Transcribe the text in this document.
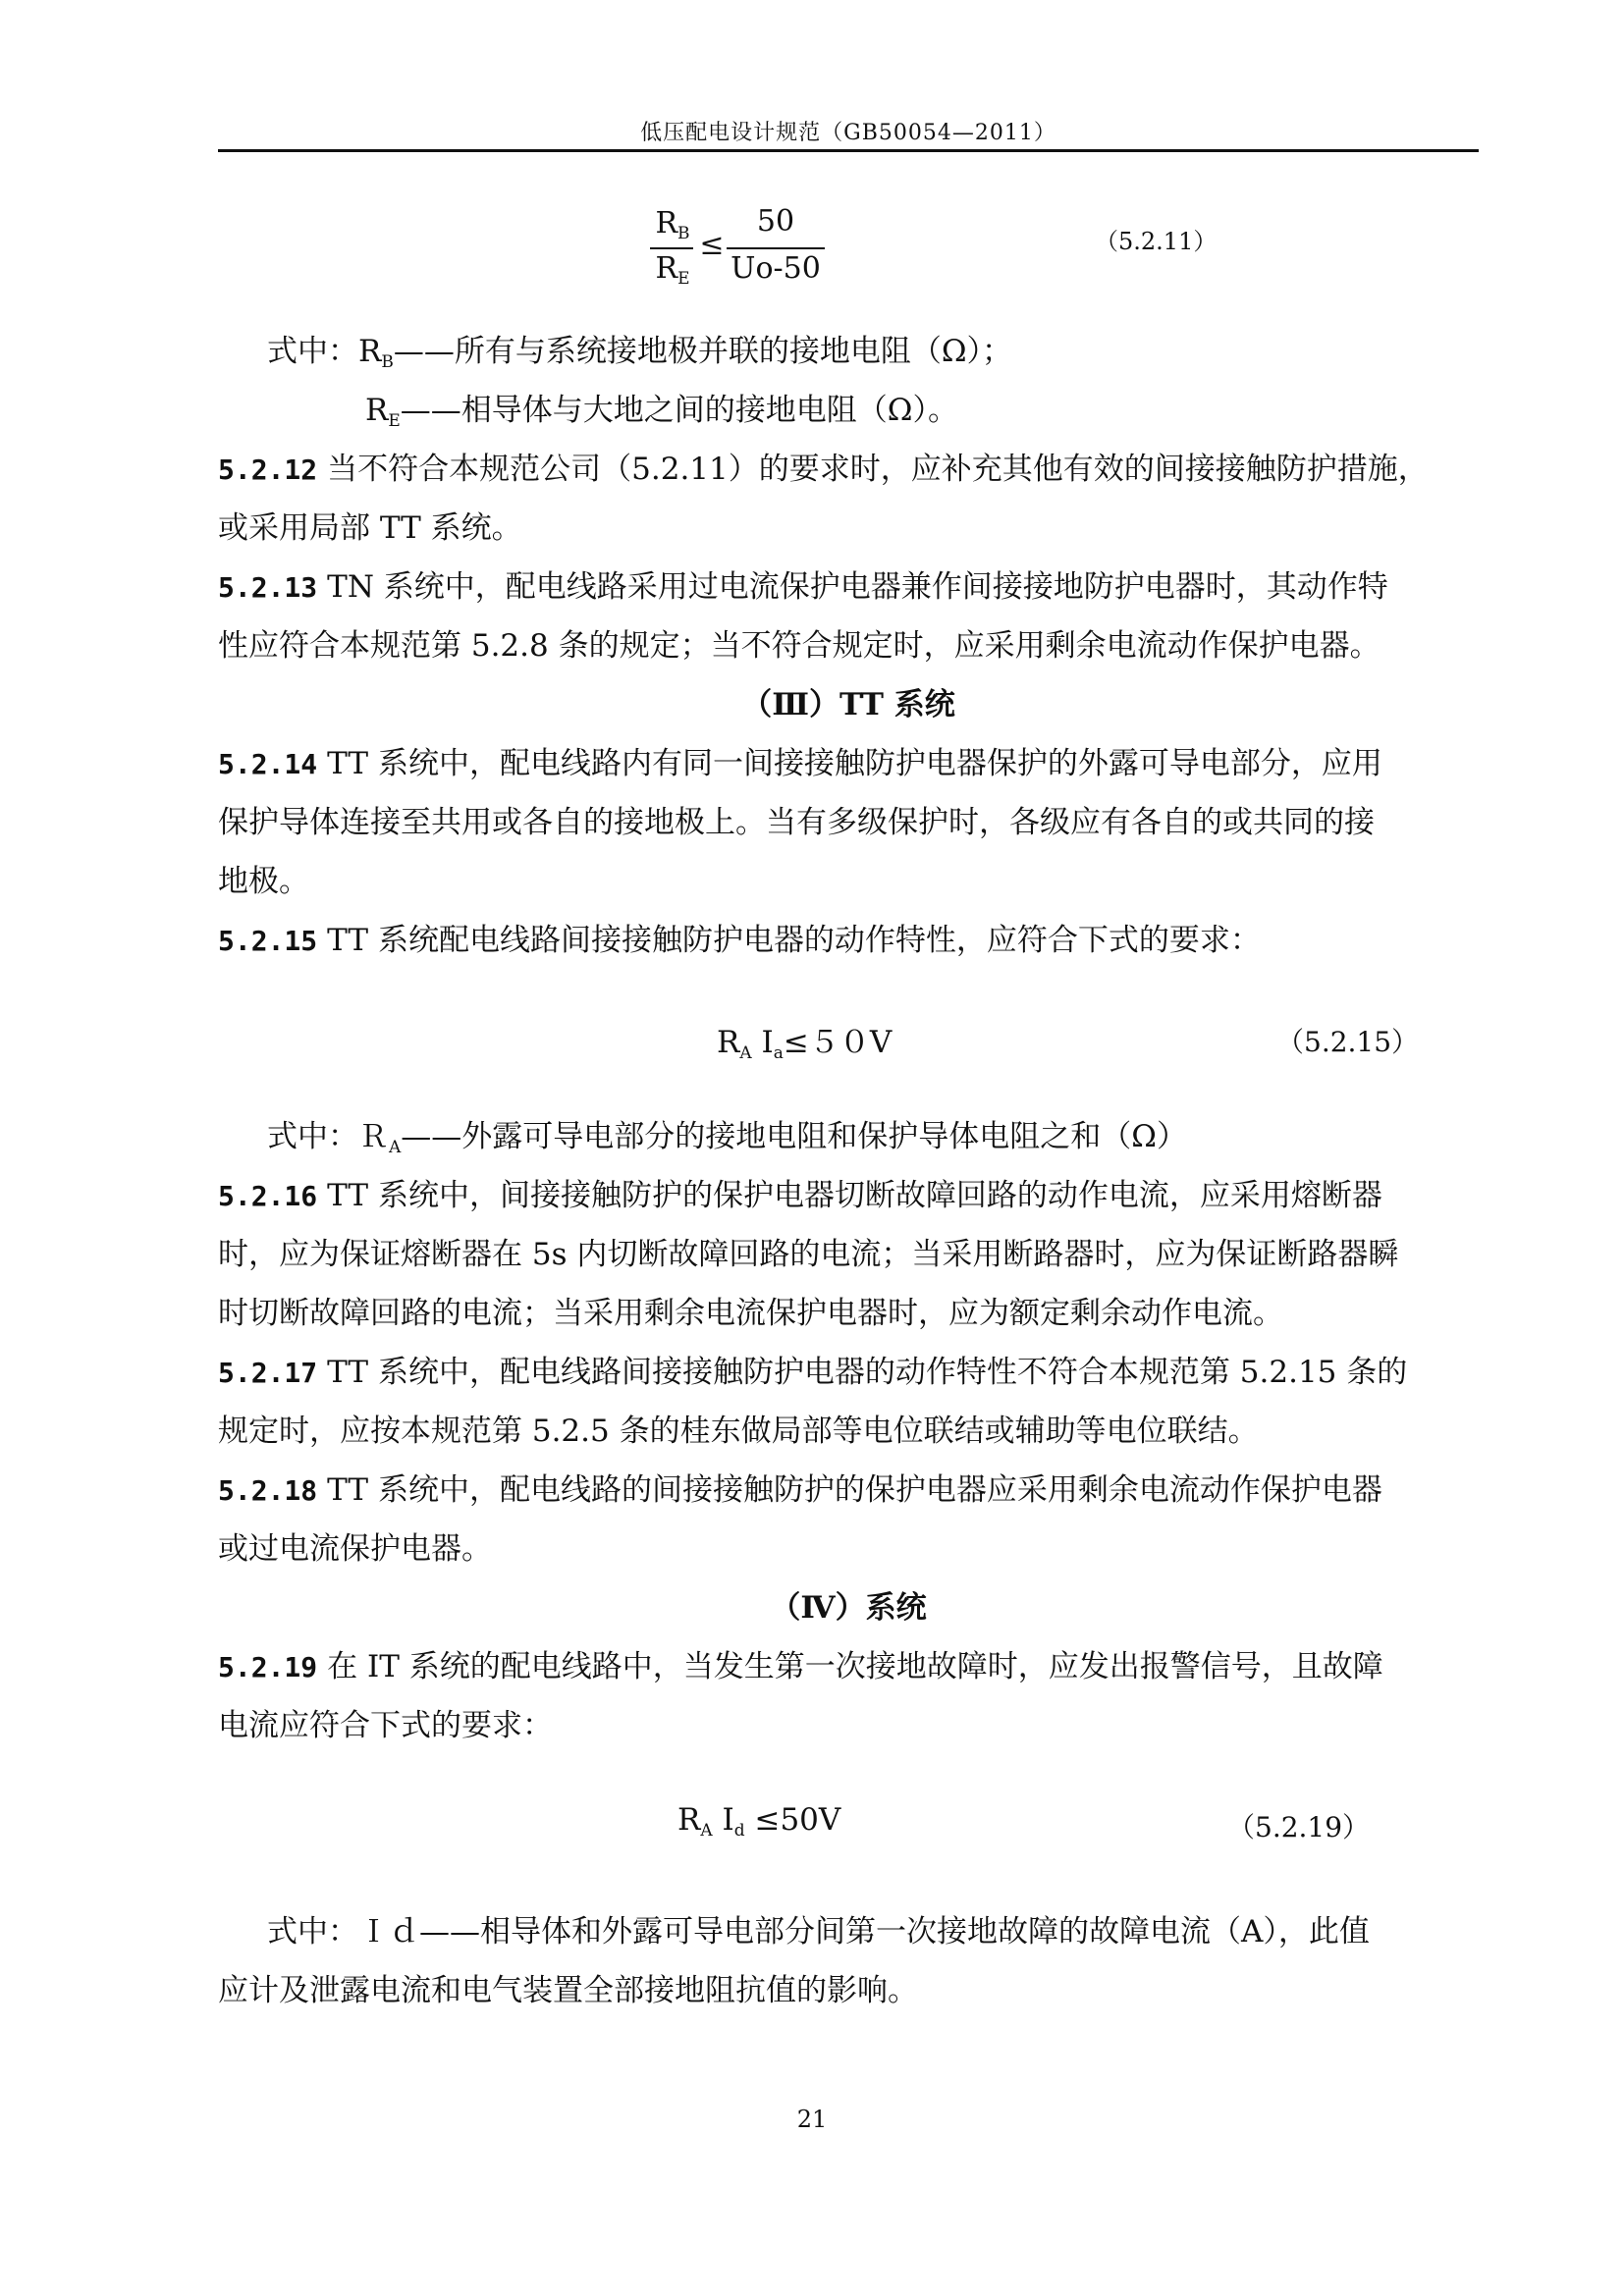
低压配电设计规范（GB50054—2011）
$R_B$
$R_E$
≤
50
Uo-50
（5.2.11）
式中：$R_B——$所有与系统接地极并联的接地电阻（Ω）；
$R_E——$相导体与大地之间的接地电阻（Ω）。
5.2.12 当不符合本规范公司（5.2.11）的要求时，应补充其他有效的间接接触防护措施，
或采用局部 TT 系统。
5.2.13 TN 系统中，配电线路采用过电流保护电器兼作间接接地防护电器时，其动作特
性应符合本规范第 5.2.8 条的规定；当不符合规定时，应采用剩余电流动作保护电器。
（Ⅲ）TT 系统
5.2.14 TT 系统中，配电线路内有同一间接接触防护电器保护的外露可导电部分，应用
保护导体连接至共用或各自的接地极上。当有多级保护时，各级应有各自的或共同的接
地极。
5.2.15 TT 系统配电线路间接接触防护电器的动作特性，应符合下式的要求：
$R_A$ $I_a\le 50V$	（5.2.15）
式中：Ｒ$_A$——外露可导电部分的接地电阻和保护导体电阻之和（Ω）
5.2.16 TT 系统中，间接接触防护的保护电器切断故障回路的动作电流，应采用熔断器
时，应为保证熔断器在 5s 内切断故障回路的电流；当采用断路器时，应为保证断路器瞬
时切断故障回路的电流；当采用剩余电流保护电器时，应为额定剩余动作电流。
5.2.17 TT 系统中，配电线路间接接触防护电器的动作特性不符合本规范第 5.2.15 条的
规定时，应按本规范第 5.2.5 条的桂东做局部等电位联结或辅助等电位联结。
5.2.18 TT 系统中，配电线路的间接接触防护的保护电器应采用剩余电流动作保护电器
或过电流保护电器。
（Ⅳ）系统
5.2.19 在 IT 系统的配电线路中，当发生第一次接地故障时，应发出报警信号，且故障
电流应符合下式的要求：
$R_A$ $I_d \le 50V$	（5.2.19）
式中：Ｉｄ——相导体和外露可导电部分间第一次接地故障的故障电流（A），此值
应计及泄露电流和电气装置全部接地阻抗值的影响。
21
